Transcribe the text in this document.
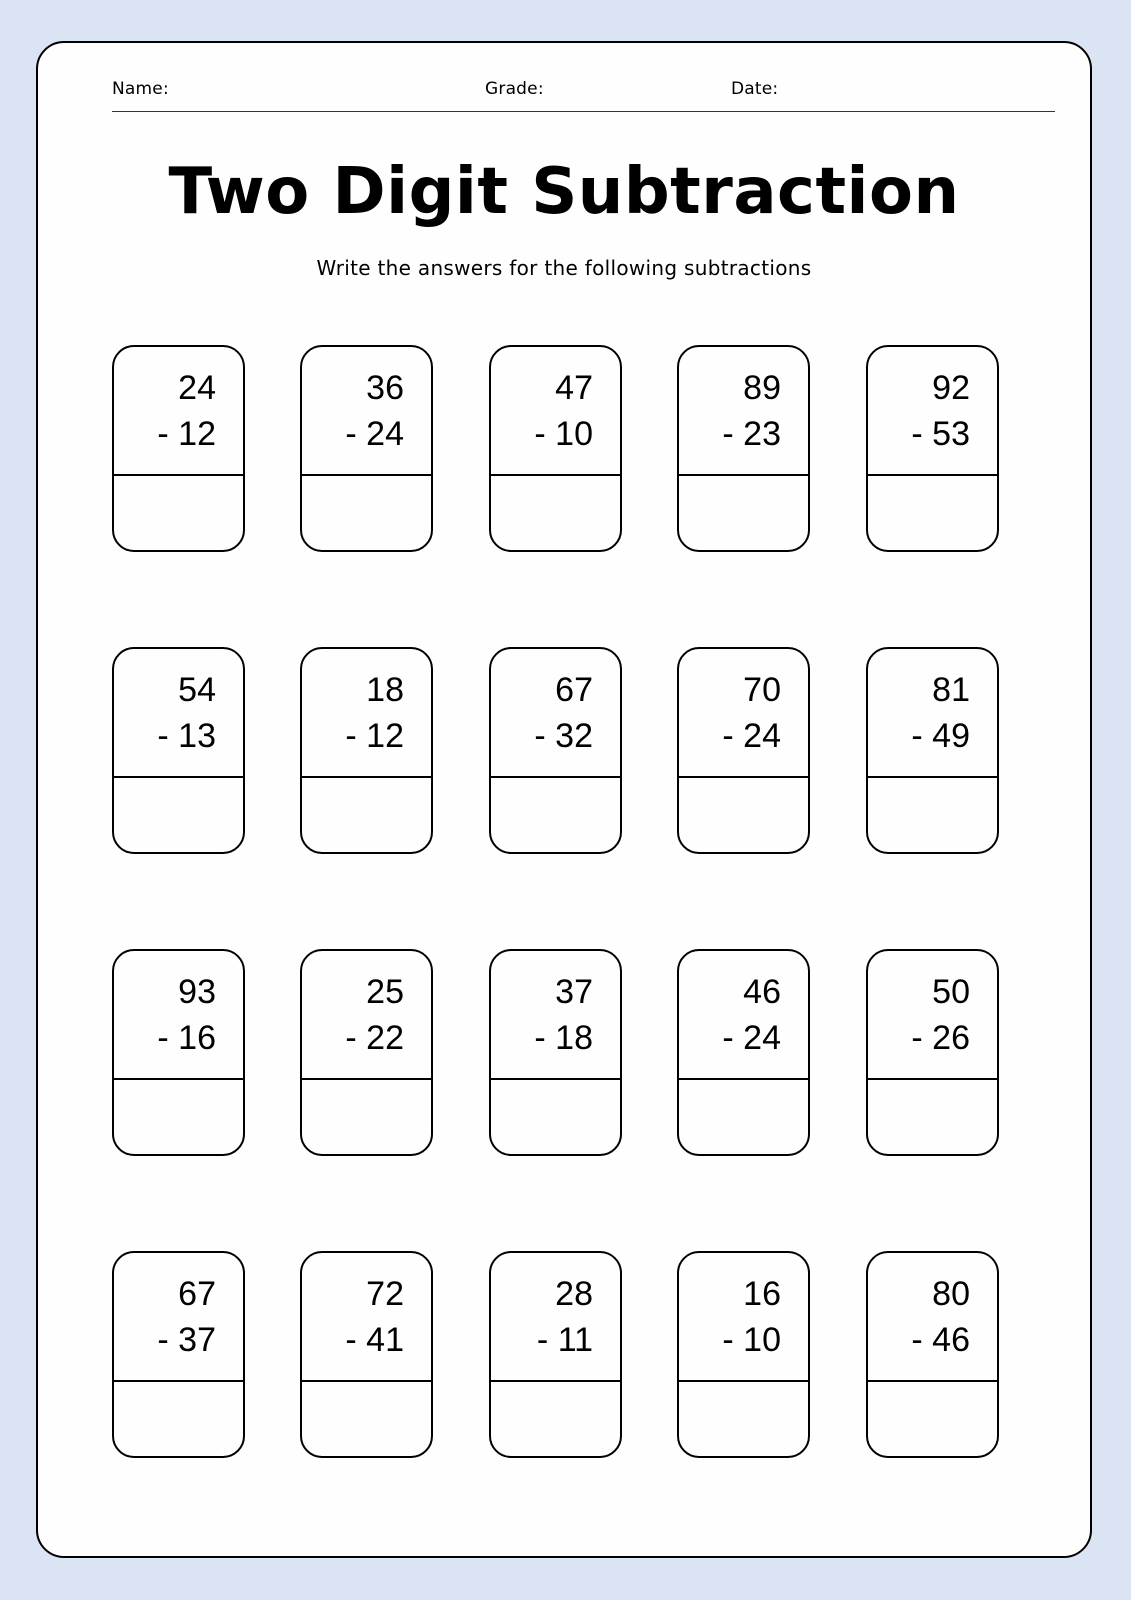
Name:	Grade:	Date:
Two Digit Subtraction
Write the answers for the following subtractions
24
- 12
36
- 24
47
- 10
89
- 23
92
- 53
54
- 13
18
- 12
67
- 32
70
- 24
81
- 49
93
- 16
25
- 22
37
- 18
46
- 24
50
- 26
67
- 37
72
- 41
28
- 11
16
- 10
80
- 46
